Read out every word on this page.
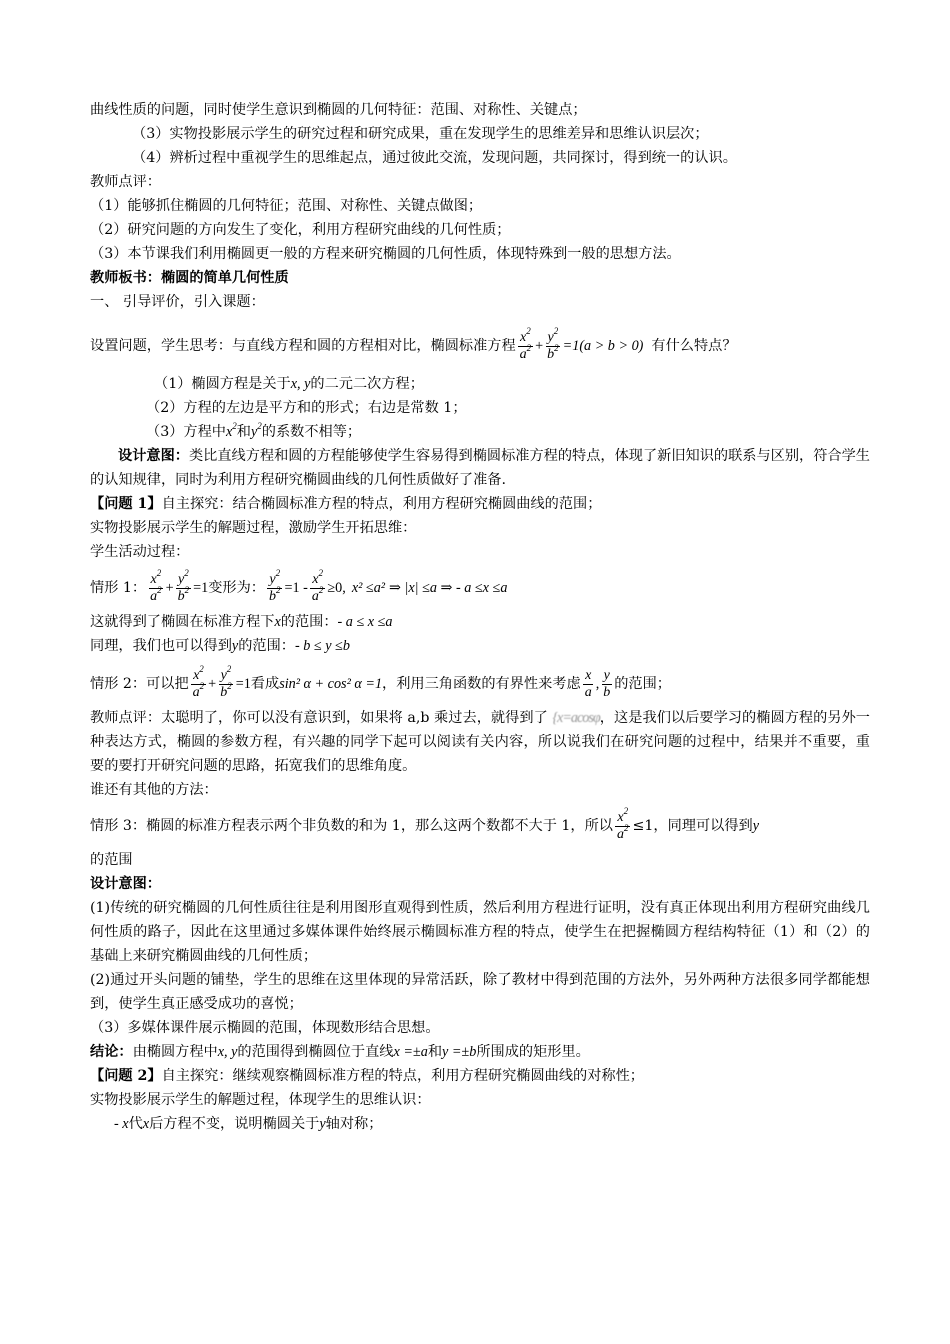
曲线性质的问题，同时使学生意识到椭圆的几何特征：范围、对称性、关键点；
（3）实物投影展示学生的研究过程和研究成果，重在发现学生的思维差异和思维认识层次；
（4）辨析过程中重视学生的思维起点，通过彼此交流，发现问题，共同探讨，得到统一的认识。
教师点评：
（1）能够抓住椭圆的几何特征；范围、对称性、关键点做图；
（2）研究问题的方向发生了变化，利用方程研究曲线的几何性质；
（3）本节课我们利用椭圆更一般的方程来研究椭圆的几何性质，体现特殊到一般的思想方法。
教师板书：椭圆的简单几何性质
一、 引导评价，引入课题：
设置问题，学生思考：与直线方程和圆的方程相对比，椭圆标准方程 $\frac{x^2}{a^2} + \frac{y^2}{b^2} =1(a > b > 0)$ 有什么特点？
（1）椭圆方程是关于x, y的二元二次方程；
（2）方程的左边是平方和的形式；右边是常数 1；
（3）方程中$x^2$和$y^2$的系数不相等；
设计意图：类比直线方程和圆的方程能够使学生容易得到椭圆标准方程的特点，体现了新旧知识的联系与区别，符合学生的认知规律，同时为利用方程研究椭圆曲线的几何性质做好了准备.
【问题 1】自主探究：结合椭圆标准方程的特点，利用方程研究椭圆曲线的范围；
实物投影展示学生的解题过程，激励学生开拓思维：
学生活动过程：
情形 1： $\frac{x^2}{a^2} + \frac{y^2}{b^2} =1$ 变形为： $\frac{y^2}{b^2} =1 - \frac{x^2}{a^2} \ge 0$, x² ≤a² ⇒ |x| ≤a ⇒ - a ≤x ≤a
这就得到了椭圆在标准方程下x的范围：- a ≤ x ≤a
同理，我们也可以得到y的范围：- b ≤ y ≤b
情形 2：可以把 $\frac{x^2}{a^2} + \frac{y^2}{b^2} =1$ 看成 sin² α + cos² α =1 ，利用三角函数的有界性来考虑 $\frac{x}{a}$ , $\frac{y}{b}$ 的范围；
教师点评：太聪明了，你可以没有意识到，如果将 a,b 乘过去，就得到了 {x=acosφ，这是我们以后要学习的椭圆方程的另外一种表达方式，椭圆的参数方程，有兴趣的同学下起可以阅读有关内容，所以说我们在研究问题的过程中，结果并不重要，重要的要打开研究问题的思路，拓宽我们的思维角度。
谁还有其他的方法：
情形 3：椭圆的标准方程表示两个非负数的和为 1，那么这两个数都不大于 1，所以 $\frac{x^2}{a^2} \le 1$，同理可以得到 y
的范围
设计意图：
(1)传统的研究椭圆的几何性质往往是利用图形直观得到性质，然后利用方程进行证明，没有真正体现出利用方程研究曲线几何性质的路子，因此在这里通过多媒体课件始终展示椭圆标准方程的特点，使学生在把握椭圆方程结构特征（1）和（2）的基础上来研究椭圆曲线的几何性质；
(2)通过开头问题的铺垫，学生的思维在这里体现的异常活跃，除了教材中得到范围的方法外，另外两种方法很多同学都能想到，使学生真正感受成功的喜悦；
（3）多媒体课件展示椭圆的范围，体现数形结合思想。
结论：由椭圆方程中x, y的范围得到椭圆位于直线x =±a和y =±b所围成的矩形里。
【问题 2】自主探究：继续观察椭圆标准方程的特点，利用方程研究椭圆曲线的对称性；
实物投影展示学生的解题过程，体现学生的思维认识：
- x代x后方程不变，说明椭圆关于y轴对称；
